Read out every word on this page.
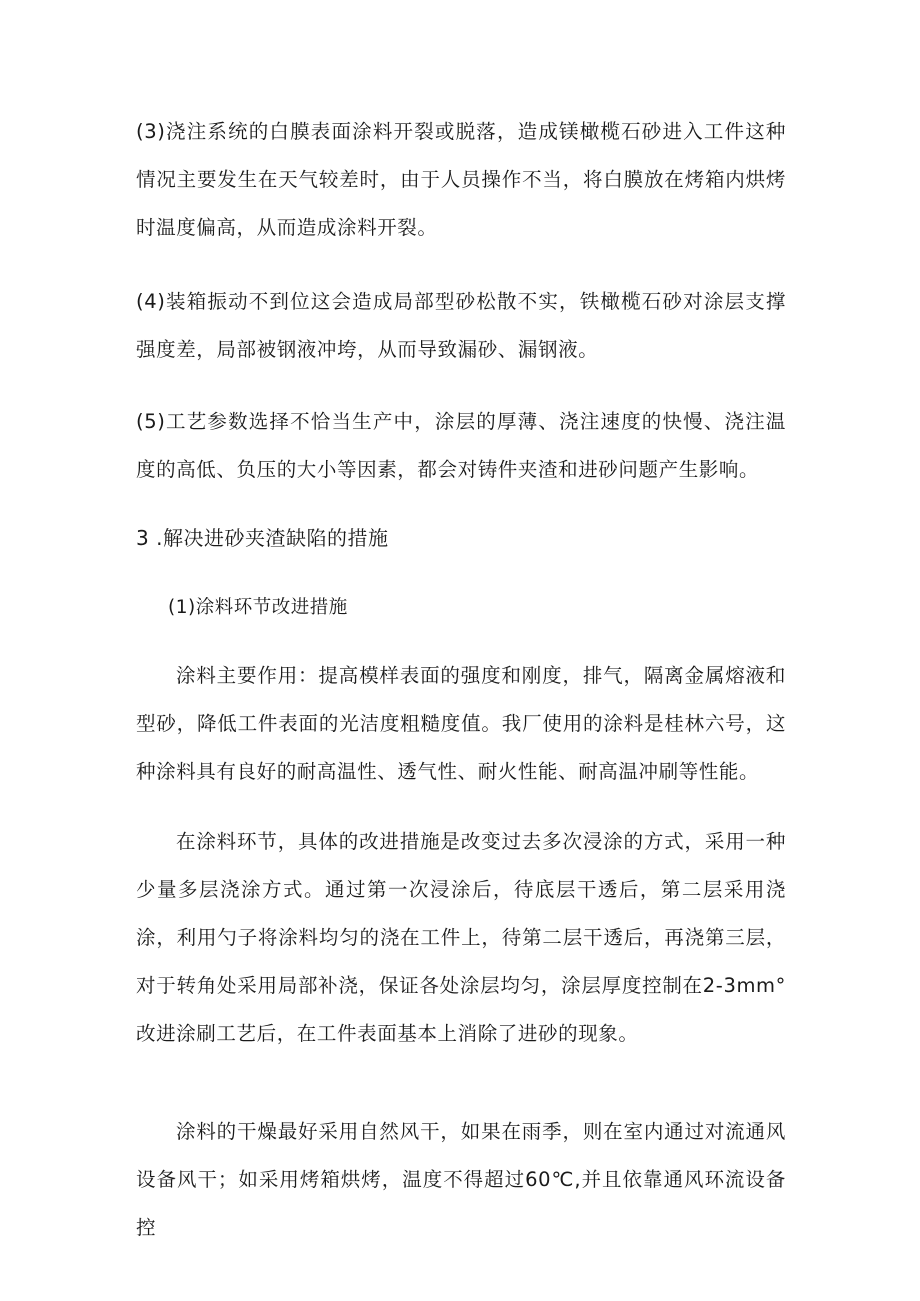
(3)浇注系统的白膜表面涂料开裂或脱落，造成镁橄榄石砂进入工件这种情况主要发生在天气较差时，由于人员操作不当，将白膜放在烤箱内烘烤时温度偏高，从而造成涂料开裂。

(4)装箱振动不到位这会造成局部型砂松散不实，铁橄榄石砂对涂层支撑强度差，局部被钢液冲垮，从而导致漏砂、漏钢液。

(5)工艺参数选择不恰当生产中，涂层的厚薄、浇注速度的快慢、浇注温度的高低、负压的大小等因素，都会对铸件夹渣和进砂问题产生影响。

3 .解决进砂夹渣缺陷的措施
(1)涂料环节改进措施

涂料主要作用：提高模样表面的强度和刚度，排气，隔离金属熔液和型砂，降低工件表面的光洁度粗糙度值。我厂使用的涂料是桂林六号，这种涂料具有良好的耐高温性、透气性、耐火性能、耐高温冲刷等性能。

在涂料环节，具体的改进措施是改变过去多次浸涂的方式，采用一种少量多层浇涂方式。通过第一次浸涂后，待底层干透后，第二层采用浇涂，利用勺子将涂料均匀的浇在工件上，待第二层干透后，再浇第三层，对于转角处采用局部补浇，保证各处涂层均匀，涂层厚度控制在2-3mm°改进涂刷工艺后，在工件表面基本上消除了进砂的现象。

涂料的干燥最好采用自然风干，如果在雨季，则在室内通过对流通风设备风干；如采用烤箱烘烤，温度不得超过60℃,并且依靠通风环流设备控
